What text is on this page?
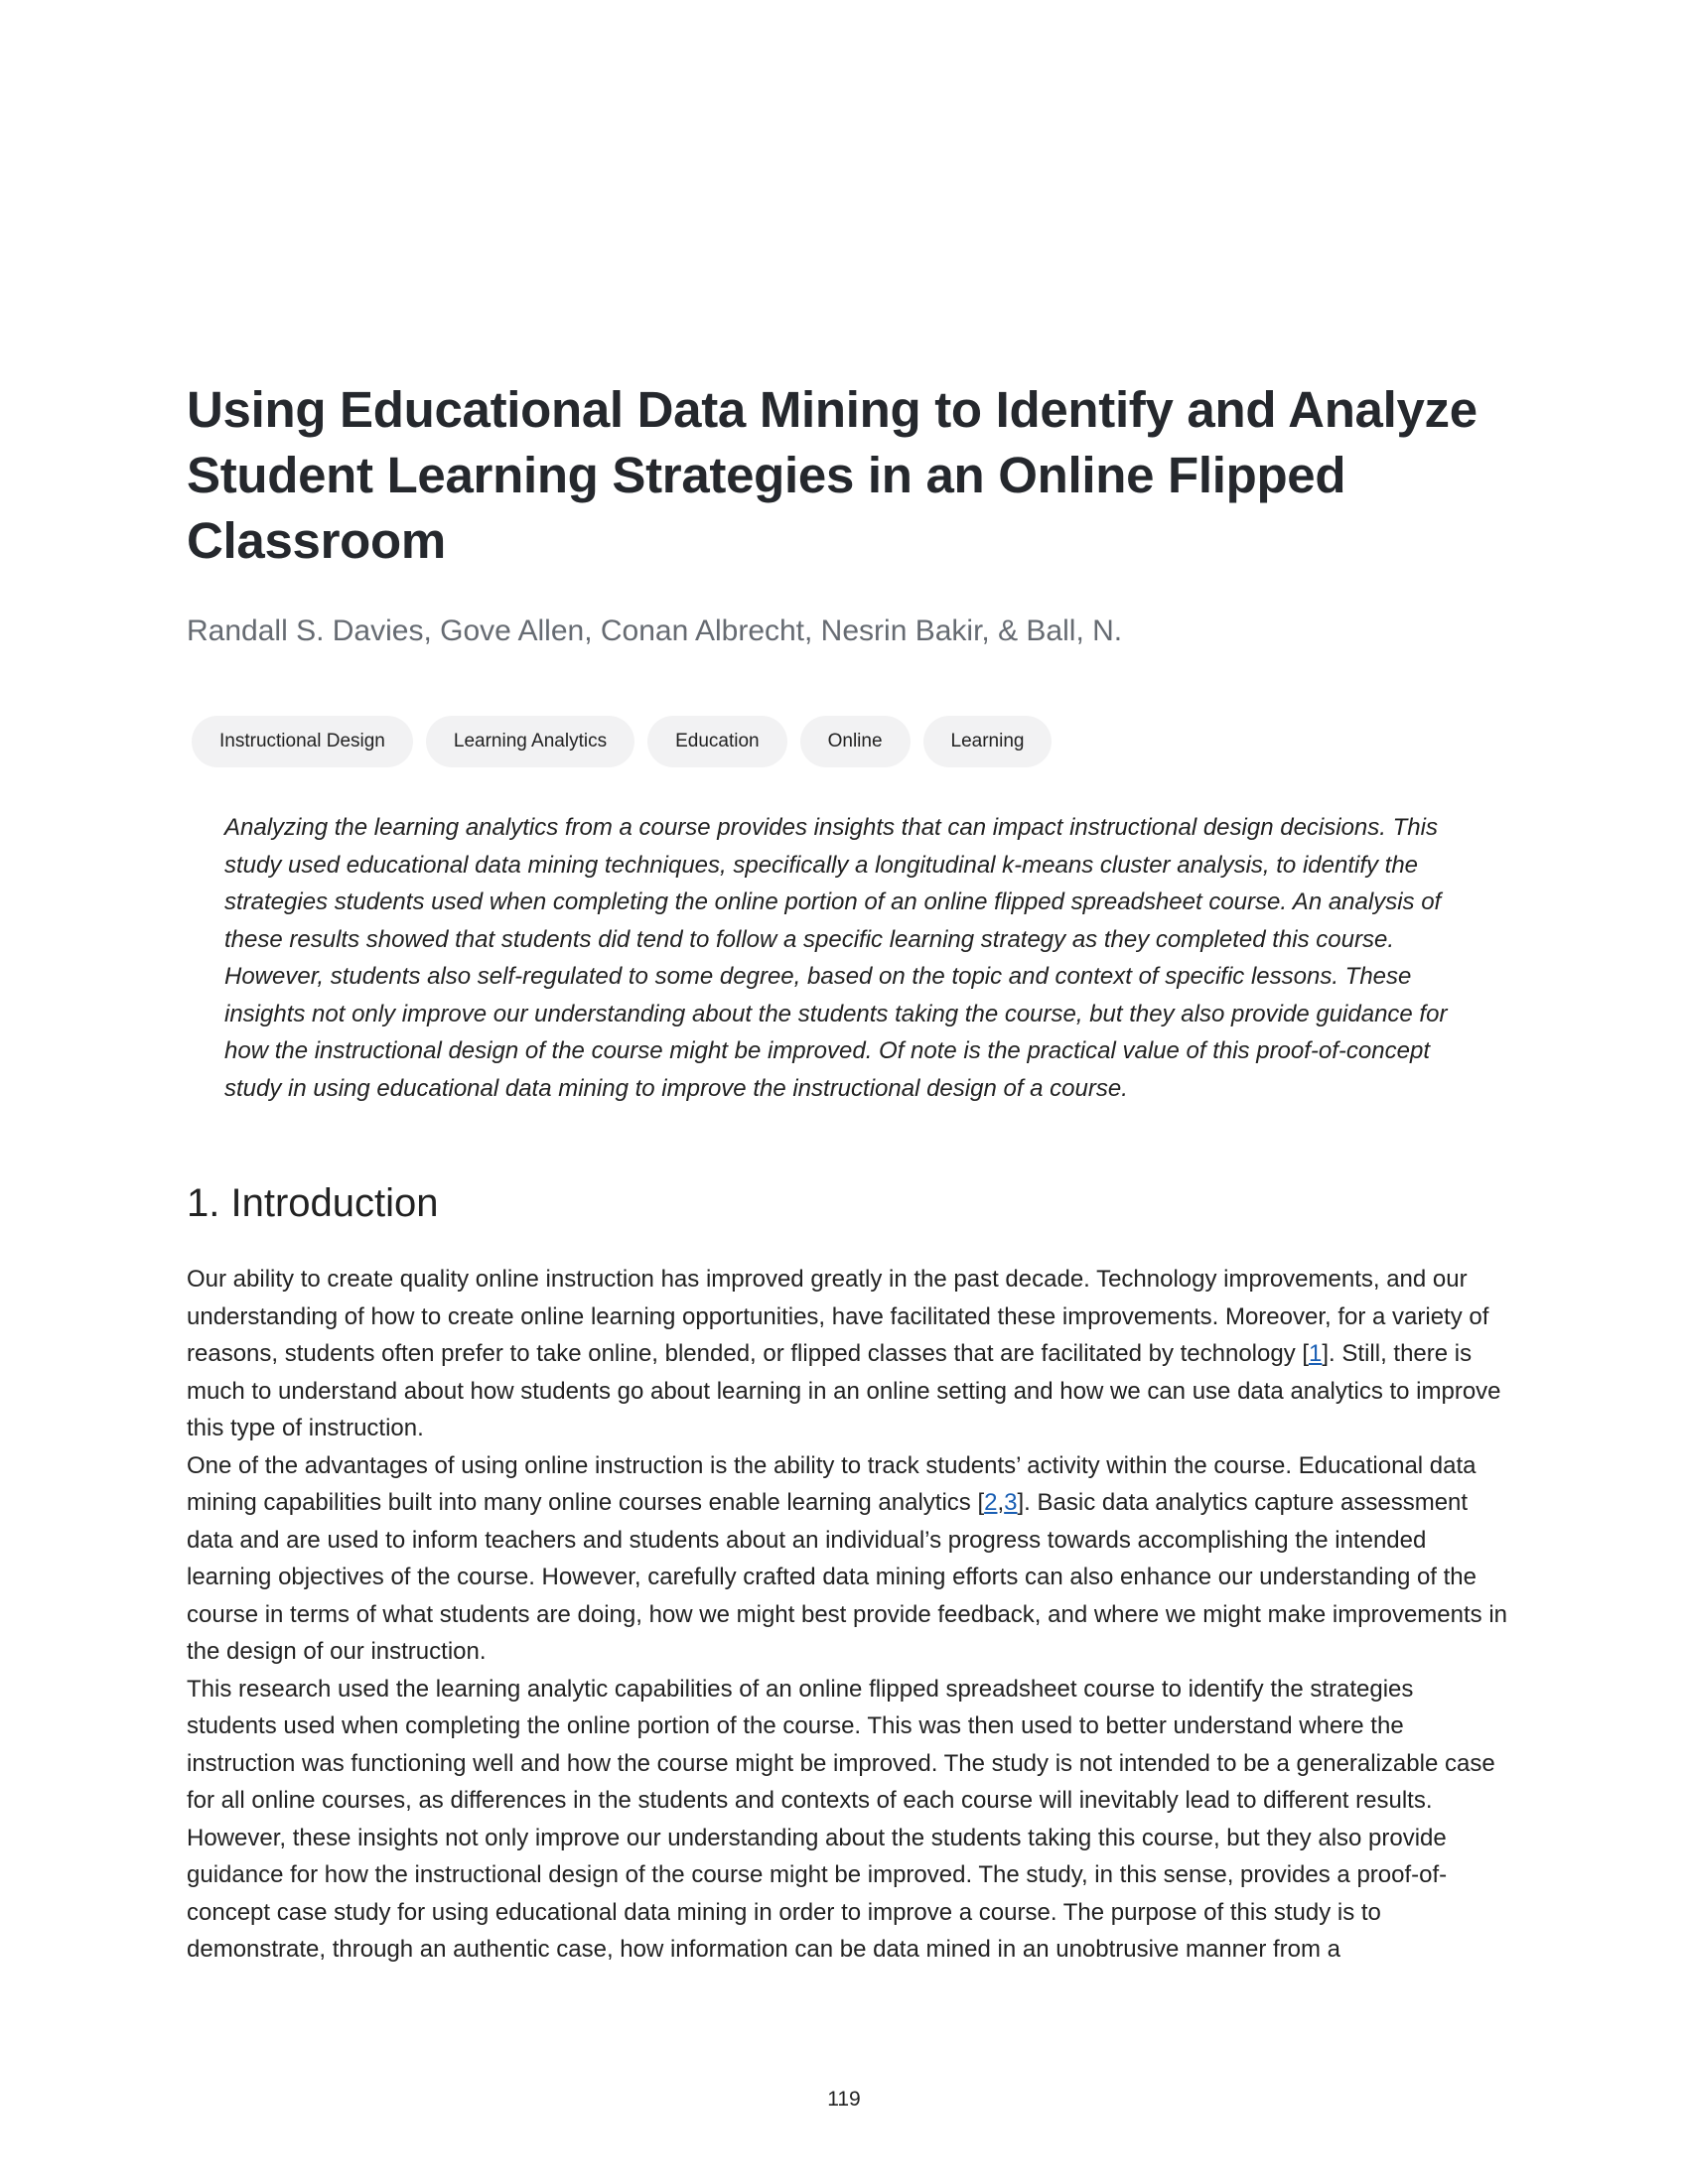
Using Educational Data Mining to Identify and Analyze Student Learning Strategies in an Online Flipped Classroom
Randall S. Davies, Gove Allen, Conan Albrecht, Nesrin Bakir, & Ball, N.
Instructional Design	Learning Analytics	Education	Online	Learning
Analyzing the learning analytics from a course provides insights that can impact instructional design decisions. This study used educational data mining techniques, specifically a longitudinal k-means cluster analysis, to identify the strategies students used when completing the online portion of an online flipped spreadsheet course. An analysis of these results showed that students did tend to follow a specific learning strategy as they completed this course. However, students also self-regulated to some degree, based on the topic and context of specific lessons. These insights not only improve our understanding about the students taking the course, but they also provide guidance for how the instructional design of the course might be improved. Of note is the practical value of this proof-of-concept study in using educational data mining to improve the instructional design of a course.
1. Introduction

Our ability to create quality online instruction has improved greatly in the past decade. Technology improvements, and our understanding of how to create online learning opportunities, have facilitated these improvements. Moreover, for a variety of reasons, students often prefer to take online, blended, or flipped classes that are facilitated by technology [1]. Still, there is much to understand about how students go about learning in an online setting and how we can use data analytics to improve this type of instruction.

One of the advantages of using online instruction is the ability to track students’ activity within the course. Educational data mining capabilities built into many online courses enable learning analytics [2,3]. Basic data analytics capture assessment data and are used to inform teachers and students about an individual’s progress towards accomplishing the intended learning objectives of the course. However, carefully crafted data mining efforts can also enhance our understanding of the course in terms of what students are doing, how we might best provide feedback, and where we might make improvements in the design of our instruction.

This research used the learning analytic capabilities of an online flipped spreadsheet course to identify the strategies students used when completing the online portion of the course. This was then used to better understand where the instruction was functioning well and how the course might be improved. The study is not intended to be a generalizable case for all online courses, as differences in the students and contexts of each course will inevitably lead to different results. However, these insights not only improve our understanding about the students taking this course, but they also provide guidance for how the instructional design of the course might be improved. The study, in this sense, provides a proof-of-concept case study for using educational data mining in order to improve a course. The purpose of this study is to demonstrate, through an authentic case, how information can be data mined in an unobtrusive manner from a

119
